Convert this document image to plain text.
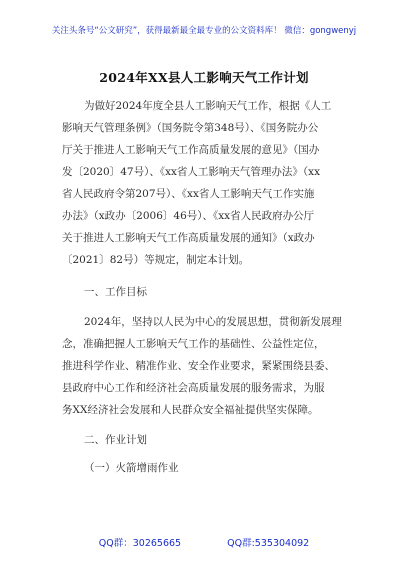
关注头条号“公文研究”，获得最新最全最专业的公文资料库！ 微信：gongwenyj
2024年XX县人工影响天气工作计划
为做好2024年度全县人工影响天气工作，根据《人工
影响天气管理条例》（国务院令第348号）、《国务院办公
厅关于推进人工影响天气工作高质量发展的意见》（国办
发〔2020〕47号）、《xx省人工影响天气管理办法》（xx
省人民政府令第207号）、《xx省人工影响天气工作实施
办法》（x政办〔2006〕46号）、《xx省人民政府办公厅
关于推进人工影响天气工作高质量发展的通知》（x政办
〔2021〕82号）等规定，制定本计划。
一、工作目标
2024年，坚持以人民为中心的发展思想，贯彻新发展理
念，准确把握人工影响天气工作的基础性、公益性定位，
推进科学作业、精准作业、安全作业要求，紧紧围绕县委、
县政府中心工作和经济社会高质量发展的服务需求，为服
务XX经济社会发展和人民群众安全福祉提供坚实保障。
二、作业计划
（一）火箭增雨作业
QQ群：30265665	QQ群:535304092
